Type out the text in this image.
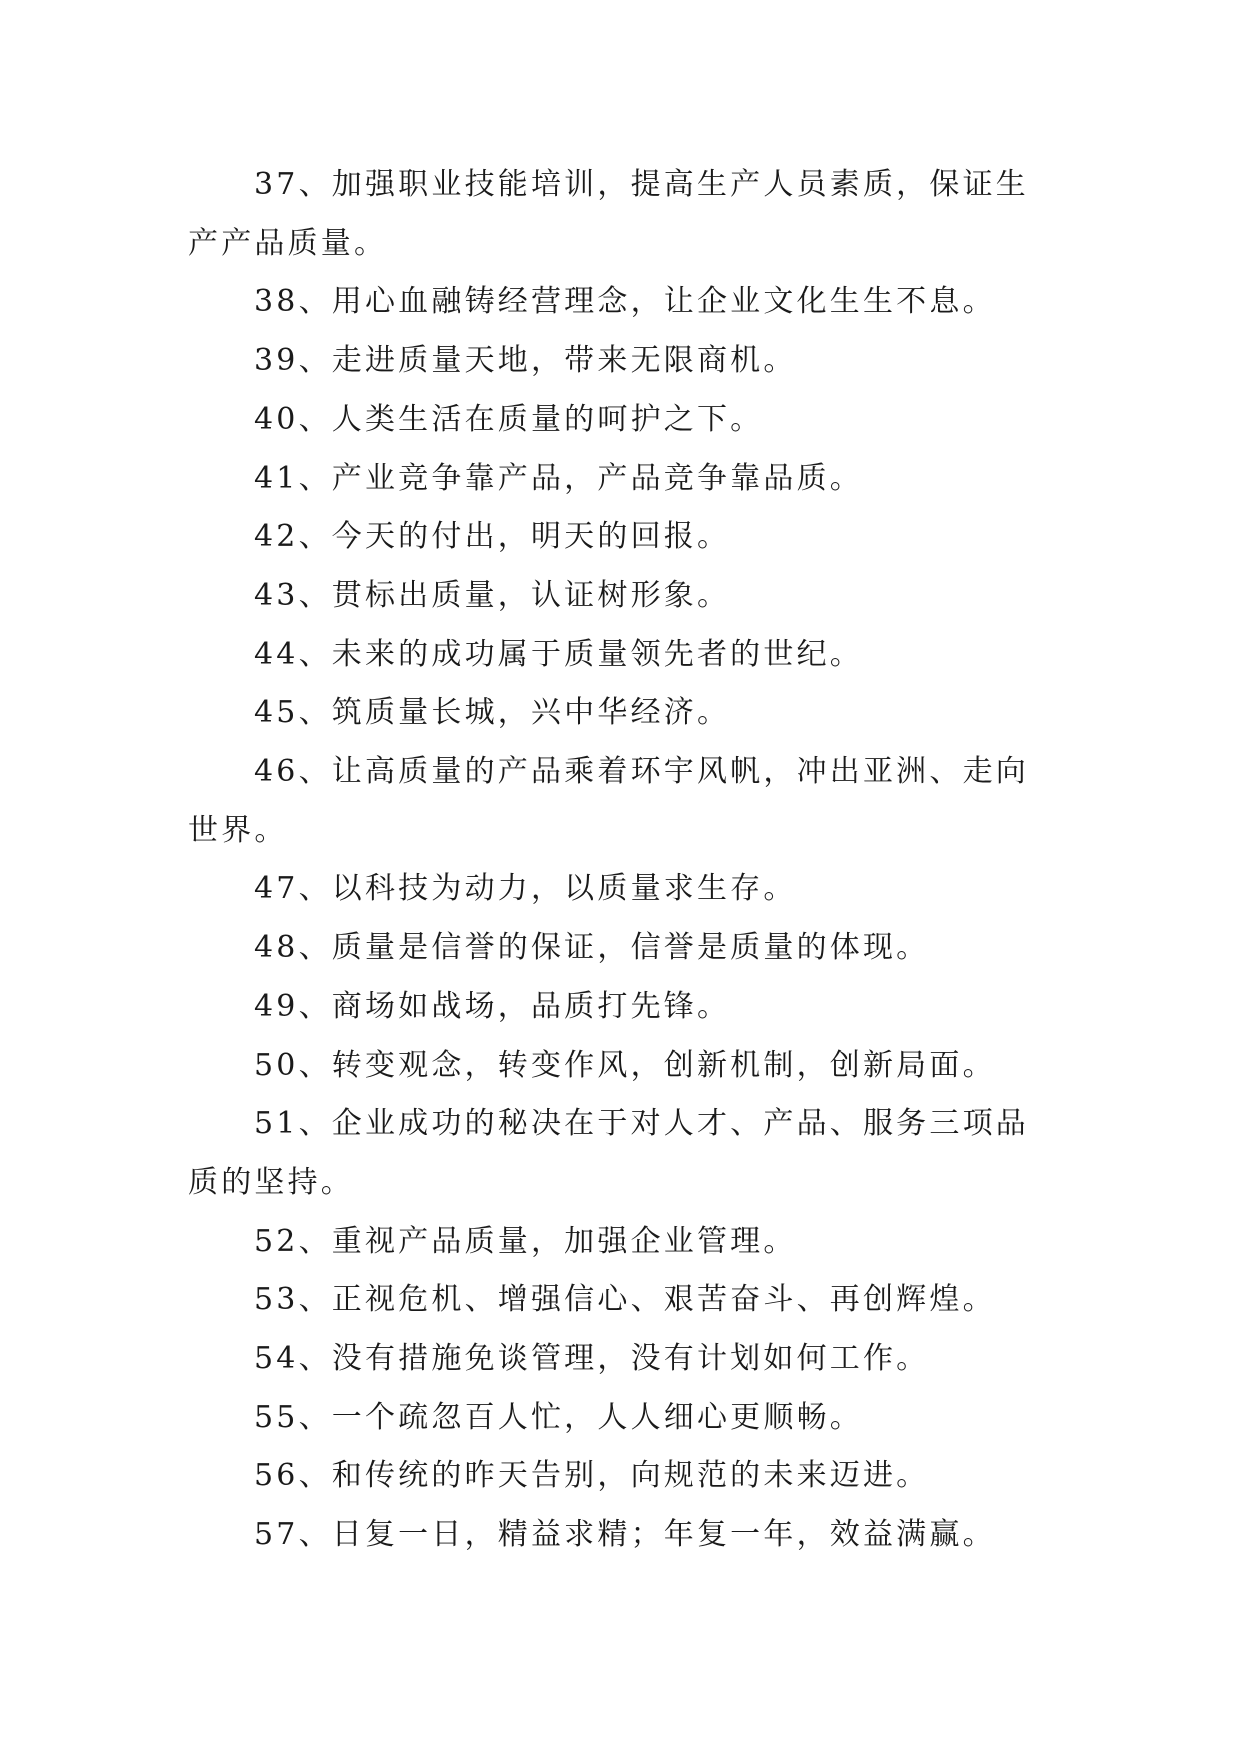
37、加强职业技能培训，提高生产人员素质，保证生产产品质量。

38、用心血融铸经营理念，让企业文化生生不息。

39、走进质量天地，带来无限商机。

40、人类生活在质量的呵护之下。

41、产业竞争靠产品，产品竞争靠品质。

42、今天的付出，明天的回报。

43、贯标出质量，认证树形象。

44、未来的成功属于质量领先者的世纪。

45、筑质量长城，兴中华经济。

46、让高质量的产品乘着环宇风帆，冲出亚洲、走向世界。

47、以科技为动力，以质量求生存。

48、质量是信誉的保证，信誉是质量的体现。

49、商场如战场，品质打先锋。

50、转变观念，转变作风，创新机制，创新局面。

51、企业成功的秘决在于对人才、产品、服务三项品质的坚持。

52、重视产品质量，加强企业管理。

53、正视危机、增强信心、艰苦奋斗、再创辉煌。

54、没有措施免谈管理，没有计划如何工作。

55、一个疏忽百人忙，人人细心更顺畅。

56、和传统的昨天告别，向规范的未来迈进。

57、日复一日，精益求精；年复一年，效益满赢。
